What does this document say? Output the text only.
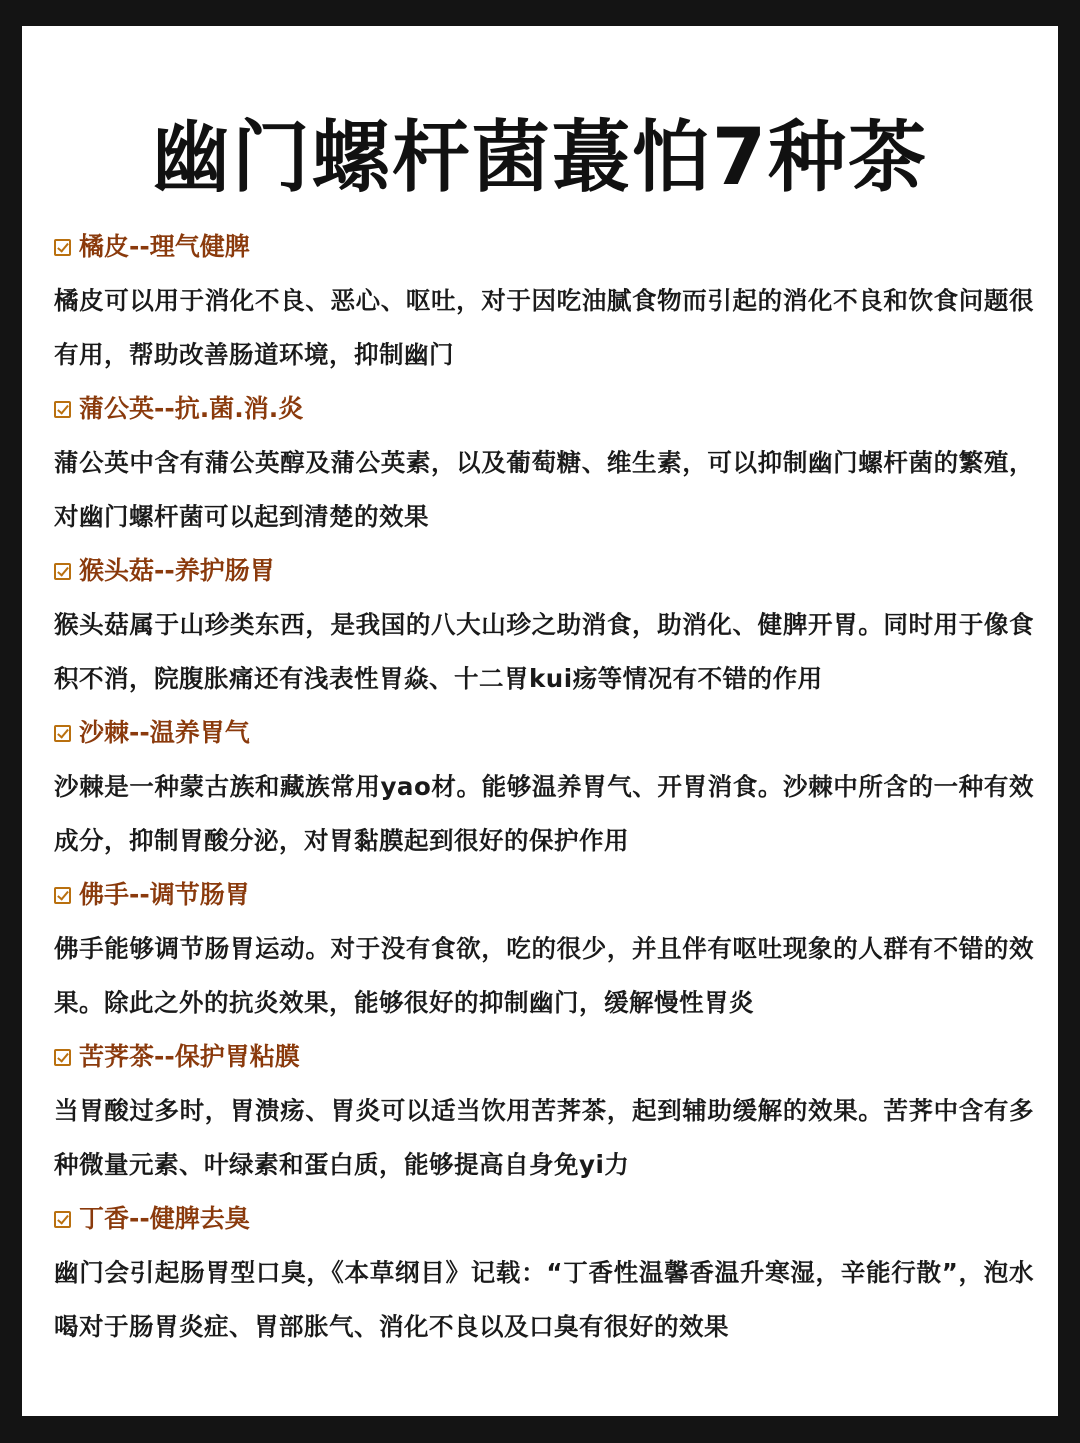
幽门螺杆菌蕞怕7种茶
橘皮--理气健脾

橘皮可以用于消化不良、恶心、呕吐，对于因吃油腻食物而引起的消化不良和饮食问题很有用，帮助改善肠道环境，抑制幽门

蒲公英--抗.菌.消.炎

蒲公英中含有蒲公英醇及蒲公英素，以及葡萄糖、维生素，可以抑制幽门螺杆菌的繁殖，对幽门螺杆菌可以起到清楚的效果

猴头菇--养护肠胃

猴头菇属于山珍类东西，是我国的八大山珍之助消食，助消化、健脾开胃。同时用于像食积不消，院腹胀痛还有浅表性胃焱、十二胃kui疡等情况有不错的作用

沙棘--温养胃气

沙棘是一种蒙古族和藏族常用yao材。能够温养胃气、开胃消食。沙棘中所含的一种有效成分，抑制胃酸分泌，对胃黏膜起到很好的保护作用

佛手--调节肠胃

佛手能够调节肠胃运动。对于没有食欲，吃的很少，并且伴有呕吐现象的人群有不错的效果。除此之外的抗炎效果，能够很好的抑制幽门，缓解慢性胃炎

苦荠茶--保护胃粘膜

当胃酸过多时，胃溃疡、胃炎可以适当饮用苦荠茶，起到辅助缓解的效果。苦荠中含有多种微量元素、叶绿素和蛋白质，能够提高自身免yi力

丁香--健脾去臭

幽门会引起肠胃型口臭，《本草纲目》记载：“丁香性温馨香温升寒湿，辛能行散”，泡水喝对于肠胃炎症、胃部胀气、消化不良以及口臭有很好的效果
